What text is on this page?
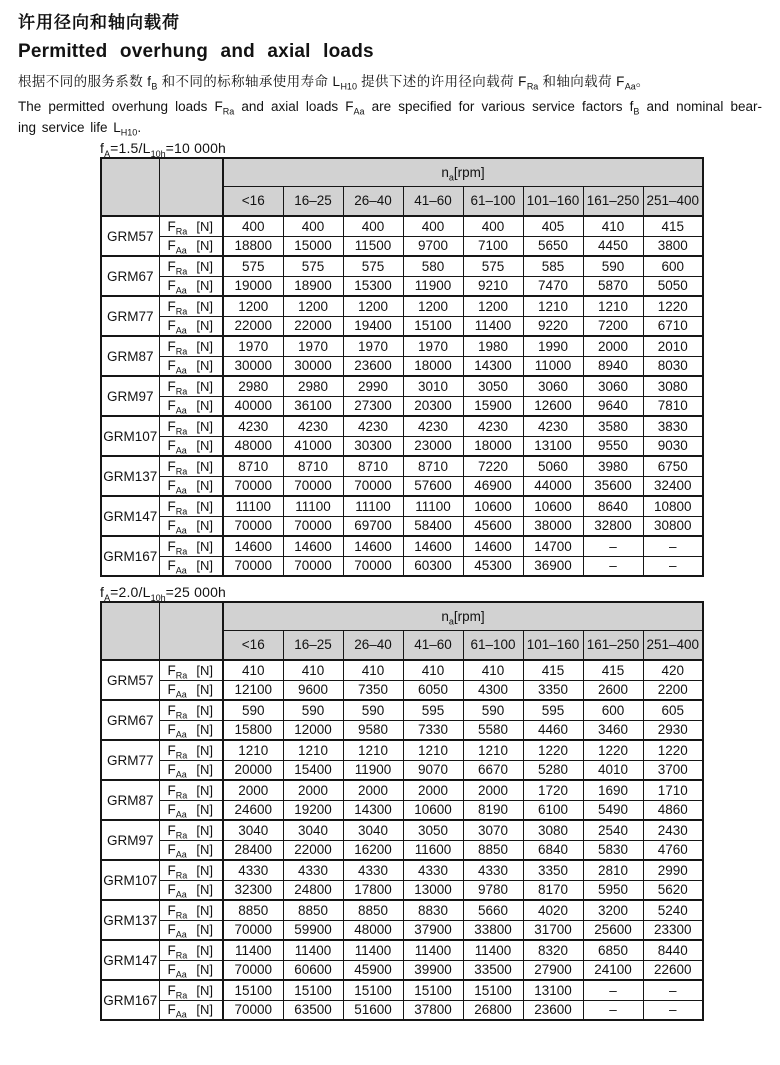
许用径向和轴向载荷
Permitted overhung and axial loads

根据不同的服务系数 $f_B$ 和不同的标称轴承使用寿命 $L_{H10}$ 提供下述的许用径向载荷 $F_{Ra}$ 和轴向载荷 $F_{Aa}$。

The permitted overhung loads $F_{Ra}$ and axial loads $F_{Aa}$ are specified for various service factors $f_B$ and nominal bear-
ing service life $L_{H10}$.
$f_A=1.5/L_{10h}=10$ 000h
		$n_a[rpm]$							
		<16	16–25	26–40	41–60	61–100	101–160	161–250	251–400
GRM57	$F_{Ra}$ [N]	400	400	400	400	400	405	410	415

	$F_{Aa}$ [N]	18800	15000	11500	9700	7100	5650	4450	3800
GRM67	$F_{Ra}$ [N]	575	575	575	580	575	585	590	600

	$F_{Aa}$ [N]	19000	18900	15300	11900	9210	7470	5870	5050
GRM77	$F_{Ra}$ [N]	1200	1200	1200	1200	1200	1210	1210	1220

	$F_{Aa}$ [N]	22000	22000	19400	15100	11400	9220	7200	6710
GRM87	$F_{Ra}$ [N]	1970	1970	1970	1970	1980	1990	2000	2010

	$F_{Aa}$ [N]	30000	30000	23600	18000	14300	11000	8940	8030
GRM97	$F_{Ra}$ [N]	2980	2980	2990	3010	3050	3060	3060	3080

	$F_{Aa}$ [N]	40000	36100	27300	20300	15900	12600	9640	7810
GRM107	$F_{Ra}$ [N]	4230	4230	4230	4230	4230	4230	3580	3830

	$F_{Aa}$ [N]	48000	41000	30300	23000	18000	13100	9550	9030
GRM137	$F_{Ra}$ [N]	8710	8710	8710	8710	7220	5060	3980	6750

	$F_{Aa}$ [N]	70000	70000	70000	57600	46900	44000	35600	32400
GRM147	$F_{Ra}$ [N]	11100	11100	11100	11100	10600	10600	8640	10800

	$F_{Aa}$ [N]	70000	70000	69700	58400	45600	38000	32800	30800
GRM167	$F_{Ra}$ [N]	14600	14600	14600	14600	14600	14700	–	–

	$F_{Aa}$ [N]	70000	70000	70000	60300	45300	36900	–	–
$f_A=2.0/L_{10h}=25$ 000h
		$n_a[rpm]$							
		<16	16–25	26–40	41–60	61–100	101–160	161–250	251–400
GRM57	$F_{Ra}$ [N]	410	410	410	410	410	415	415	420

	$F_{Aa}$ [N]	12100	9600	7350	6050	4300	3350	2600	2200
GRM67	$F_{Ra}$ [N]	590	590	590	595	590	595	600	605

	$F_{Aa}$ [N]	15800	12000	9580	7330	5580	4460	3460	2930
GRM77	$F_{Ra}$ [N]	1210	1210	1210	1210	1210	1220	1220	1220

	$F_{Aa}$ [N]	20000	15400	11900	9070	6670	5280	4010	3700
GRM87	$F_{Ra}$ [N]	2000	2000	2000	2000	2000	1720	1690	1710

	$F_{Aa}$ [N]	24600	19200	14300	10600	8190	6100	5490	4860
GRM97	$F_{Ra}$ [N]	3040	3040	3040	3050	3070	3080	2540	2430

	$F_{Aa}$ [N]	28400	22000	16200	11600	8850	6840	5830	4760
GRM107	$F_{Ra}$ [N]	4330	4330	4330	4330	4330	3350	2810	2990

	$F_{Aa}$ [N]	32300	24800	17800	13000	9780	8170	5950	5620
GRM137	$F_{Ra}$ [N]	8850	8850	8850	8830	5660	4020	3200	5240

	$F_{Aa}$ [N]	70000	59900	48000	37900	33800	31700	25600	23300
GRM147	$F_{Ra}$ [N]	11400	11400	11400	11400	11400	8320	6850	8440

	$F_{Aa}$ [N]	70000	60600	45900	39900	33500	27900	24100	22600
GRM167	$F_{Ra}$ [N]	15100	15100	15100	15100	15100	13100	–	–

	$F_{Aa}$ [N]	70000	63500	51600	37800	26800	23600	–	–
